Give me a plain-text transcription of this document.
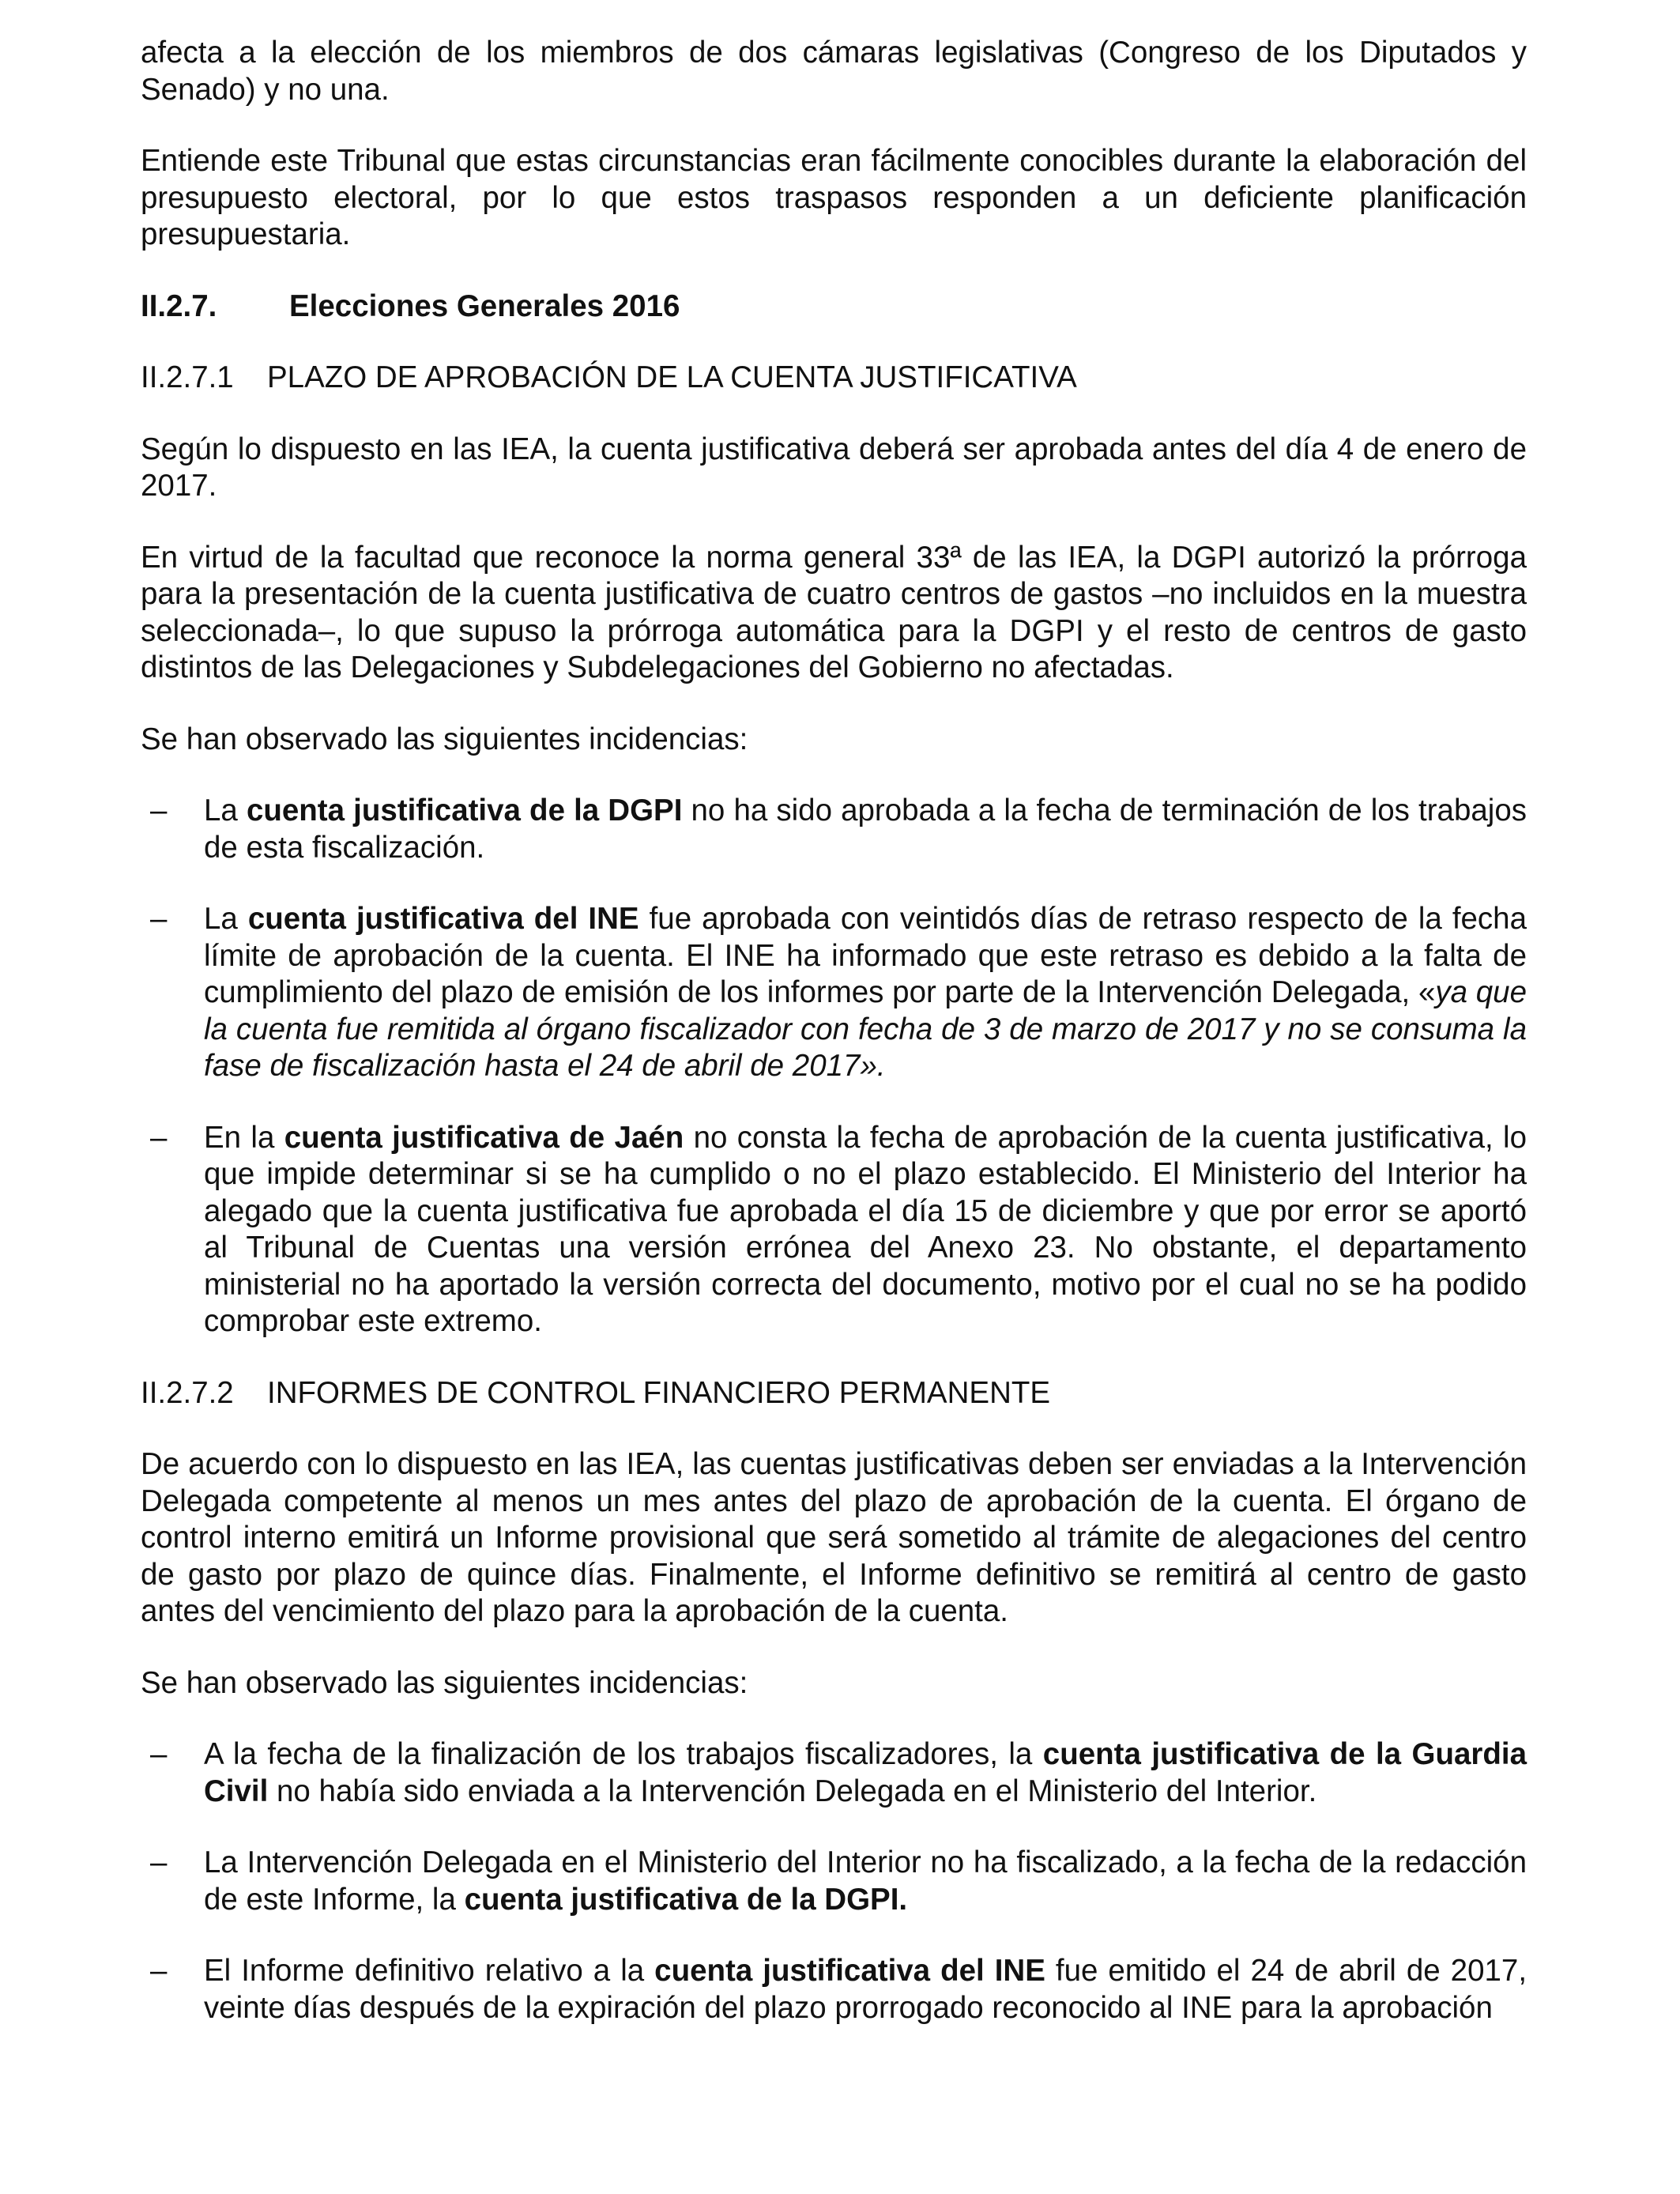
afecta a la elección de los miembros de dos cámaras legislativas (Congreso de los Diputados y Senado) y no una.

Entiende este Tribunal que estas circunstancias eran fácilmente conocibles durante la elaboración del presupuesto electoral, por lo que estos traspasos responden a un deficiente planificación presupuestaria.

II.2.7.	Elecciones Generales 2016
II.2.7.1	PLAZO DE APROBACIÓN DE LA CUENTA JUSTIFICATIVA

Según lo dispuesto en las IEA, la cuenta justificativa deberá ser aprobada antes del día 4 de enero de 2017.

En virtud de la facultad que reconoce la norma general 33ª de las IEA, la DGPI autorizó la prórroga para la presentación de la cuenta justificativa de cuatro centros de gastos –no incluidos en la muestra seleccionada–, lo que supuso la prórroga automática para la DGPI y el resto de centros de gasto distintos de las Delegaciones y Subdelegaciones del Gobierno no afectadas.

Se han observado las siguientes incidencias:

– La cuenta justificativa de la DGPI no ha sido aprobada a la fecha de terminación de los trabajos de esta fiscalización.
– La cuenta justificativa del INE fue aprobada con veintidós días de retraso respecto de la fecha límite de aprobación de la cuenta. El INE ha informado que este retraso es debido a la falta de cumplimiento del plazo de emisión de los informes por parte de la Intervención Delegada, «ya que la cuenta fue remitida al órgano fiscalizador con fecha de 3 de marzo de 2017 y no se consuma la fase de fiscalización hasta el 24 de abril de 2017».
– En la cuenta justificativa de Jaén no consta la fecha de aprobación de la cuenta justificativa, lo que impide determinar si se ha cumplido o no el plazo establecido. El Ministerio del Interior ha alegado que la cuenta justificativa fue aprobada el día 15 de diciembre y que por error se aportó al Tribunal de Cuentas una versión errónea del Anexo 23. No obstante, el departamento ministerial no ha aportado la versión correcta del documento, motivo por el cual no se ha podido comprobar este extremo.
II.2.7.2	INFORMES DE CONTROL FINANCIERO PERMANENTE

De acuerdo con lo dispuesto en las IEA, las cuentas justificativas deben ser enviadas a la Intervención Delegada competente al menos un mes antes del plazo de aprobación de la cuenta. El órgano de control interno emitirá un Informe provisional que será sometido al trámite de alegaciones del centro de gasto por plazo de quince días. Finalmente, el Informe definitivo se remitirá al centro de gasto antes del vencimiento del plazo para la aprobación de la cuenta.

Se han observado las siguientes incidencias:

– A la fecha de la finalización de los trabajos fiscalizadores, la cuenta justificativa de la Guardia Civil no había sido enviada a la Intervención Delegada en el Ministerio del Interior.
– La Intervención Delegada en el Ministerio del Interior no ha fiscalizado, a la fecha de la redacción de este Informe, la cuenta justificativa de la DGPI.
– El Informe definitivo relativo a la cuenta justificativa del INE fue emitido el 24 de abril de 2017, veinte días después de la expiración del plazo prorrogado reconocido al INE para la aprobación
